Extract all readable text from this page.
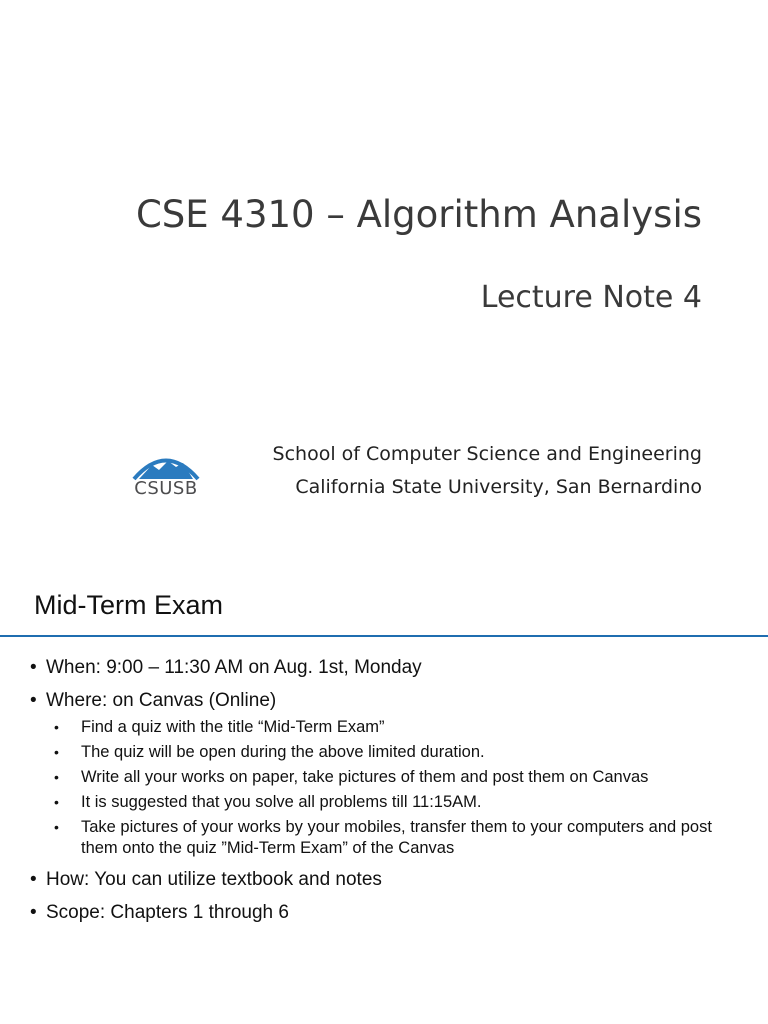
CSE 4310 – Algorithm Analysis
Lecture Note 4
CSUSB
School of Computer Science and Engineering
California State University, San Bernardino
Mid-Term Exam
• When: 9:00 – 11:30 AM on Aug. 1st, Monday
• Where: on Canvas (Online)
• Find a quiz with the title “Mid-Term Exam”
• The quiz will be open during the above limited duration.
• Write all your works on paper, take pictures of them and post them on Canvas
• It is suggested that you solve all problems till 11:15AM.
• Take pictures of your works by your mobiles, transfer them to your computers and post them onto the quiz ”Mid-Term Exam” of the Canvas
• How: You can utilize textbook and notes
• Scope: Chapters 1 through 6
